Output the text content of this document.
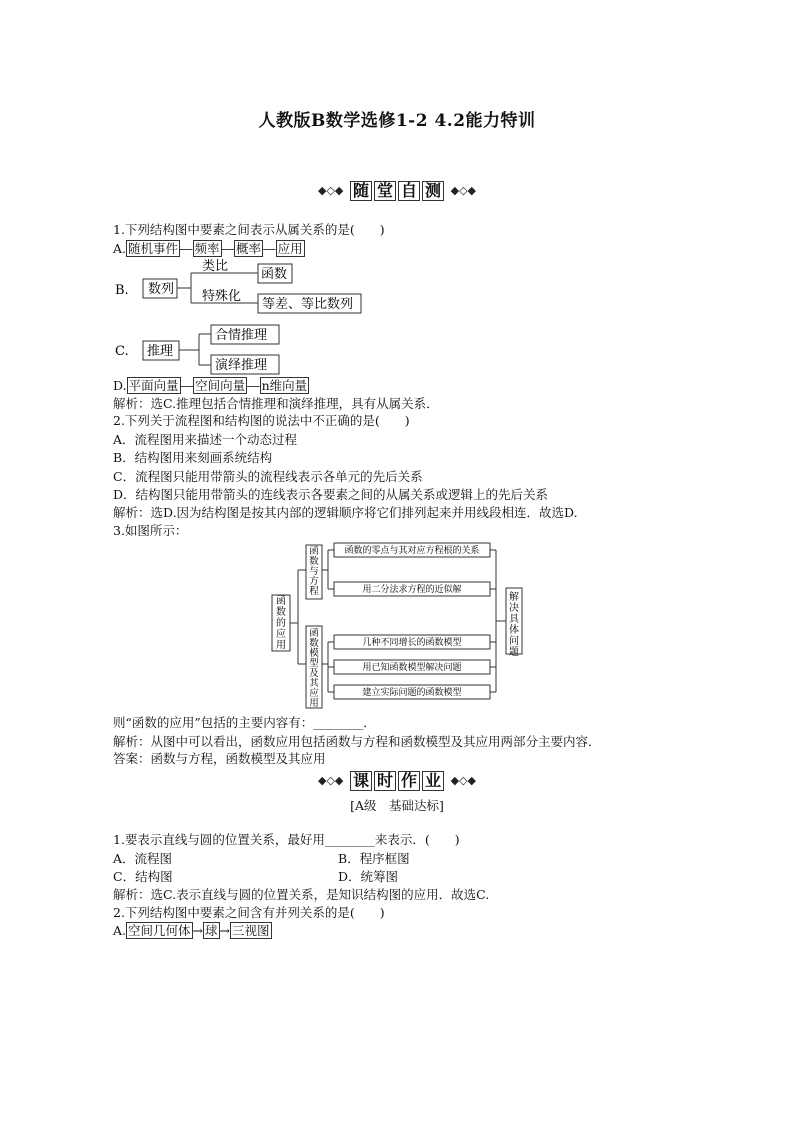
人教版B数学选修1-2 4.2能力特训
◆◇◆ 随 堂 自 测 ◆◇◆
1.下列结构图中要素之间表示从属关系的是(　　)
A. 随机事件 ― 频率 ― 概率 ― 应用
B. 数列
类比
特殊化
函数
等差、等比数列
C. 推理
合情推理
演绎推理
D. 平面向量 ― 空间向量 ― n维向量
解析：选C.推理包括合情推理和演绎推理，具有从属关系．
2.下列关于流程图和结构图的说法中不正确的是(　　)
A．流程图用来描述一个动态过程
B．结构图用来刻画系统结构
C．流程图只能用带箭头的流程线表示各单元的先后关系
D．结构图只能用带箭头的连线表示各要素之间的从属关系或逻辑上的先后关系
解析：选D.因为结构图是按其内部的逻辑顺序将它们排列起来并用线段相连．故选D.
3.如图所示：
函数的应用
函数与方程
函数模型及其应用
函数的零点与其对应方程根的关系
用二分法求方程的近似解
几种不同增长的函数模型
用已知函数模型解决问题
建立实际问题的函数模型
解决具体问题
则“函数的应用”包括的主要内容有：________．
解析：从图中可以看出，函数应用包括函数与方程和函数模型及其应用两部分主要内容．
答案：函数与方程，函数模型及其应用
◆◇◆ 课 时 作 业 ◆◇◆
[A级　基础达标]
1.要表示直线与圆的位置关系，最好用________来表示．(　　)
A．流程图	B．程序框图
C．结构图	D．统筹图
解析：选C.表示直线与圆的位置关系，是知识结构图的应用．故选C.
2.下列结构图中要素之间含有并列关系的是(　　)
A. 空间几何体 → 球 → 三视图
